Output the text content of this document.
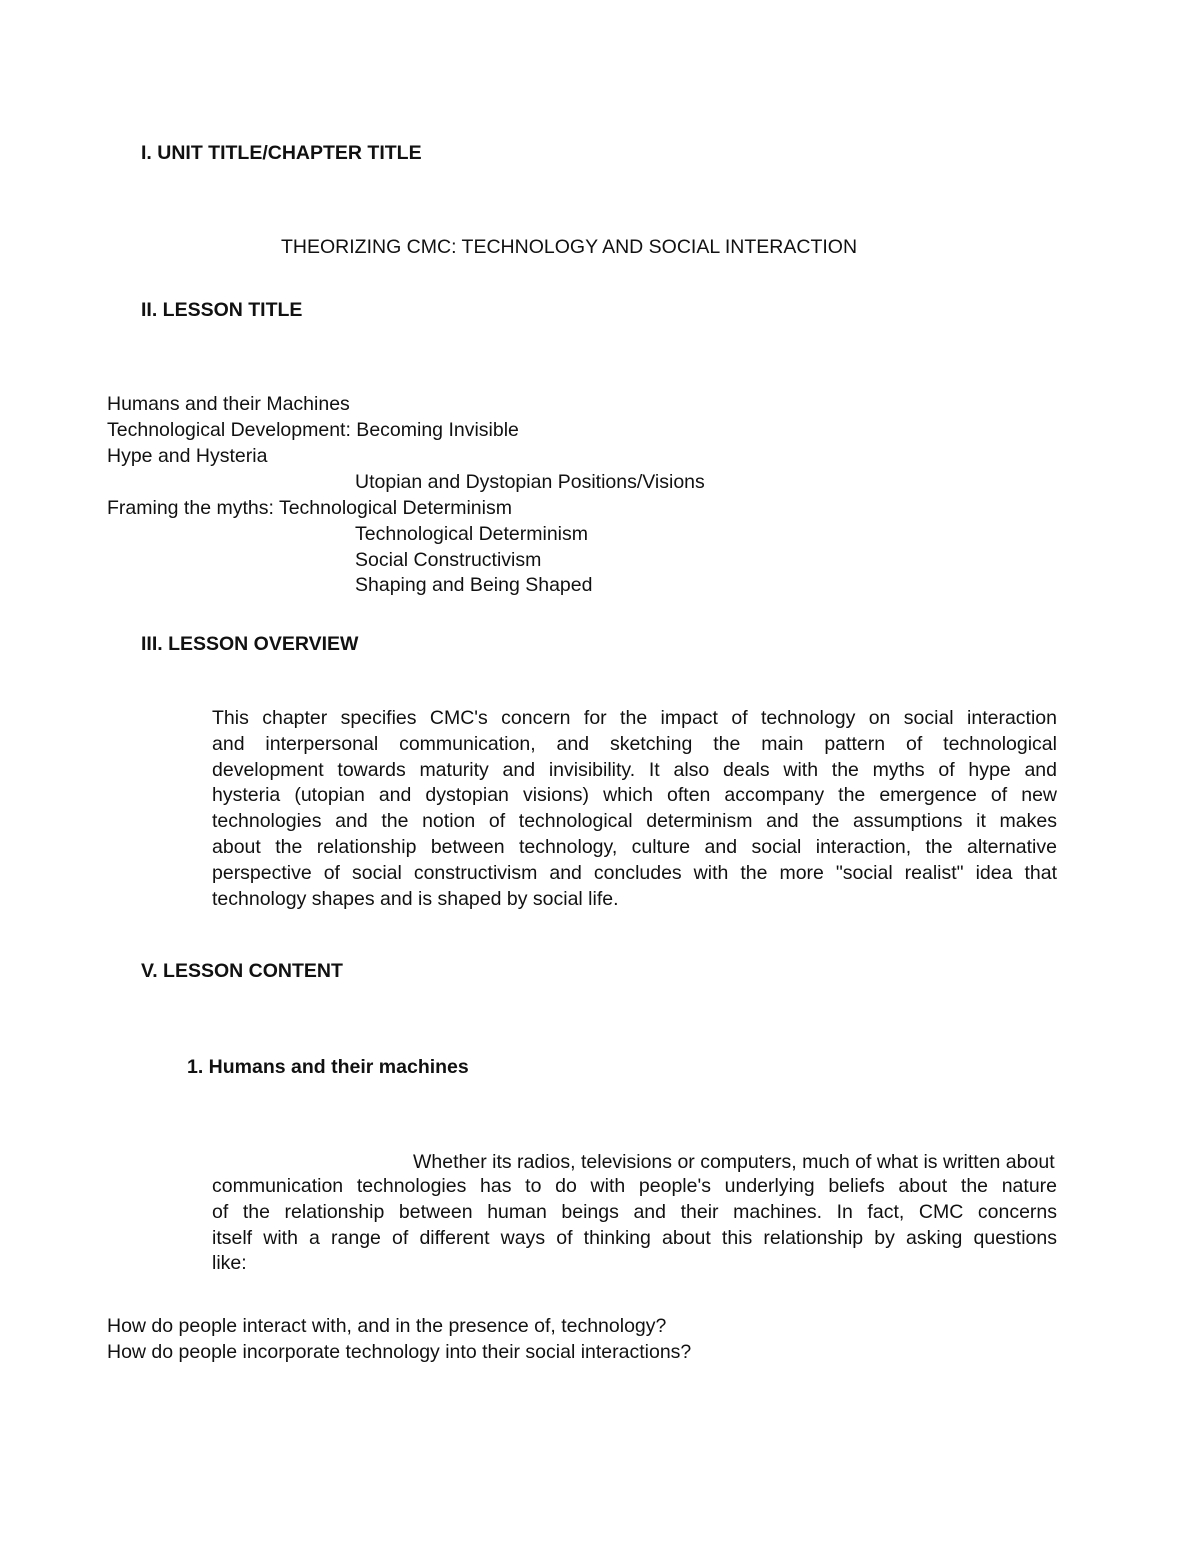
I. UNIT TITLE/CHAPTER TITLE
THEORIZING CMC: TECHNOLOGY AND SOCIAL INTERACTION
II. LESSON TITLE
Humans and their Machines
Technological Development: Becoming Invisible
Hype and Hysteria
Utopian and Dystopian Positions/Visions
Framing the myths: Technological Determinism
Technological Determinism
Social Constructivism
Shaping and Being Shaped
III. LESSON OVERVIEW
This chapter specifies CMC's concern for the impact of technology on social interaction
and interpersonal communication, and sketching the main pattern of technological
development towards maturity and invisibility. It also deals with the myths of hype and
hysteria (utopian and dystopian visions) which often accompany the emergence of new
technologies and the notion of technological determinism and the assumptions it makes
about the relationship between technology, culture and social interaction, the alternative
perspective of social constructivism and concludes with the more "social realist" idea that
technology shapes and is shaped by social life.
V. LESSON CONTENT
1. Humans and their machines
Whether its radios, televisions or computers, much of what is written about
communication technologies has to do with people's underlying beliefs about the nature
of the relationship between human beings and their machines. In fact, CMC concerns
itself with a range of different ways of thinking about this relationship by asking questions
like:
How do people interact with, and in the presence of, technology?
How do people incorporate technology into their social interactions?
